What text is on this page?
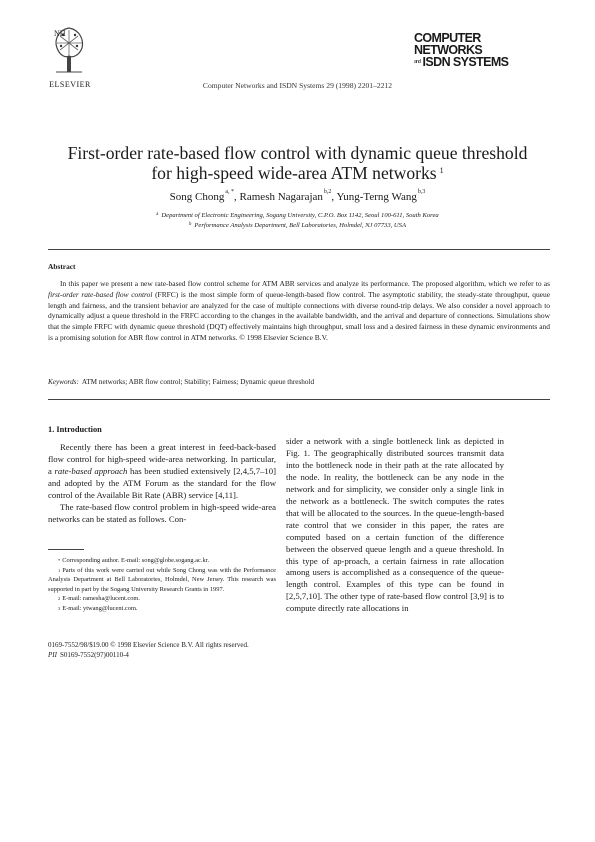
NH
ELSEVIER	Computer Networks and ISDN Systems 29 (1998) 2201–2212
COMPUTER
NETWORKS
$^{and}$ ISDN SYSTEMS
First-order rate-based flow control with dynamic queue threshold
for high-speed wide-area ATM networks $^1$
Song Chong$^{a, *}$, Ramesh Nagarajan$^{b,2}$, Yung-Terng Wang$^{b,3}$
$^a$ Department of Electronic Engineering, Sogang University, C.P.O. Box 1142, Seoul 100-611, South Korea
$^b$ Performance Analysis Department, Bell Laboratories, Holmdel, NJ 07733, USA
Abstract

In this paper we present a new rate-based flow control scheme for ATM ABR services and analyze its performance. The proposed algorithm, which we refer to as first-order rate-based flow control (FRFC) is the most simple form of queue-length-based flow control. The asymptotic stability, the steady-state throughput, queue length and fairness, and the transient behavior are analyzed for the case of multiple connections with diverse round-trip delays. We also consider a novel approach to dynamically adjust a queue threshold in the FRFC according to the changes in the available bandwidth, and the arrival and departure of connections. Simulations show that the simple FRFC with dynamic queue threshold (DQT) effectively maintains high throughput, small loss and a desired fairness in these dynamic environments and is a promising solution for ABR flow control in ATM networks. © 1998 Elsevier Science B.V.

Keywords: ATM networks; ABR flow control; Stability; Fairness; Dynamic queue threshold
1. Introduction

Recently there has been a great interest in feed-back-based flow control for high-speed wide-area networking. In particular, a rate-based approach has been studied extensively [2,4,5,7–10] and adopted by the ATM Forum as the standard for the flow control of the Available Bit Rate (ABR) service [4,11].

The rate-based flow control problem in high-speed wide-area networks can be stated as follows. Con-

* Corresponding author. E-mail: song@globe.sogang.ac.kr.
$^1$ Parts of this work were carried out while Song Chong was with the Performance Analysis Department at Bell Laboratories, Holmdel, New Jersey. This research was supported in part by the Sogang University Research Grants in 1997.
$^2$ E-mail: ramesha@lucent.com.
$^3$ E-mail: ytwang@lucent.com.
0169-7552/98/$19.00 © 1998 Elsevier Science B.V. All rights reserved.
PII S0169-7552(97)00110-4

sider a network with a single bottleneck link as depicted in Fig. 1. The geographically distributed sources transmit data into the bottleneck node in their path at the rate allocated by the node. In reality, the bottleneck can be any node in the network and for simplicity, we consider only a single link in the network as a bottleneck. The switch computes the rates that will be allocated to the sources. In the queue-length-based rate control that we consider in this paper, the rates are computed based on a certain function of the difference between the observed queue length and a queue threshold. In this type of ap-proach, a certain fairness in rate allocation among users is accomplished as a consequence of the queue-length control. Examples of this type can be found in [2,5,7,10]. The other type of rate-based flow control [3,9] is to compute directly rate allocations in
